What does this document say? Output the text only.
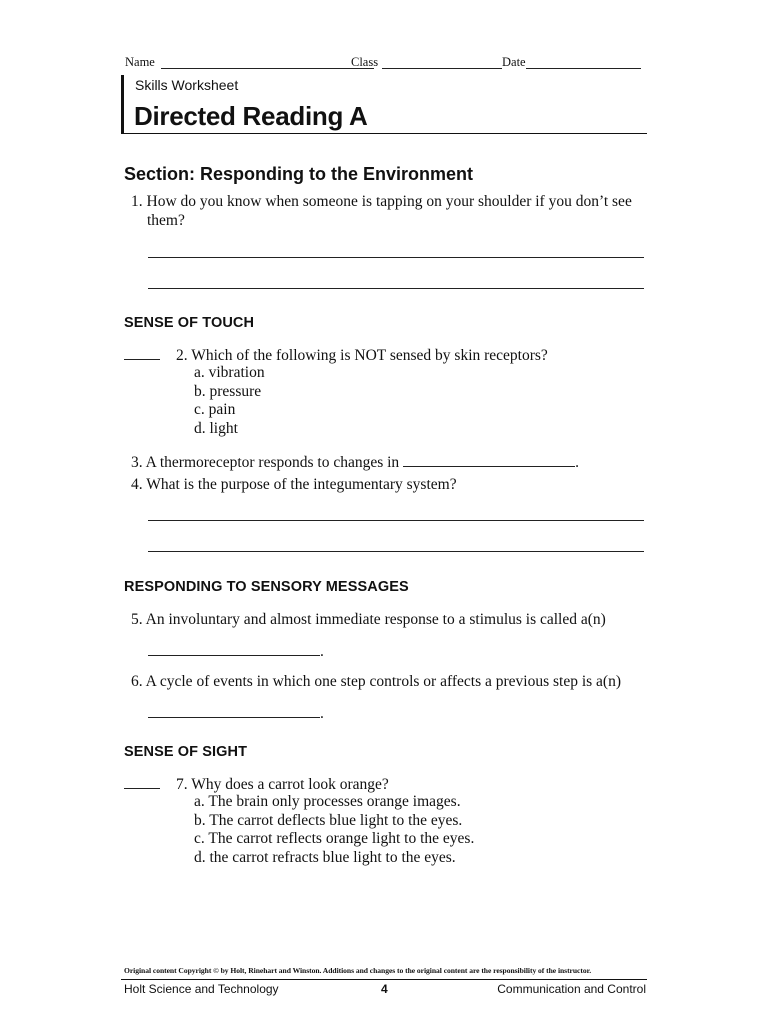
Name	Class	Date
Skills Worksheet
Directed Reading A
Section: Responding to the Environment
1. How do you know when someone is tapping on your shoulder if you don’t see
them?
SENSE OF TOUCH
2. Which of the following is NOT sensed by skin receptors?
a. vibration
b. pressure
c. pain
d. light
3. A thermoreceptor responds to changes in	.
4. What is the purpose of the integumentary system?
RESPONDING TO SENSORY MESSAGES
5. An involuntary and almost immediate response to a stimulus is called a(n)
.
6. A cycle of events in which one step controls or affects a previous step is a(n)
.
SENSE OF SIGHT
7. Why does a carrot look orange?
a. The brain only processes orange images.
b. The carrot deflects blue light to the eyes.
c. The carrot reflects orange light to the eyes.
d. the carrot refracts blue light to the eyes.
Original content Copyright © by Holt, Rinehart and Winston. Additions and changes to the original content are the responsibility of the instructor.
Holt Science and Technology	4	Communication and Control
